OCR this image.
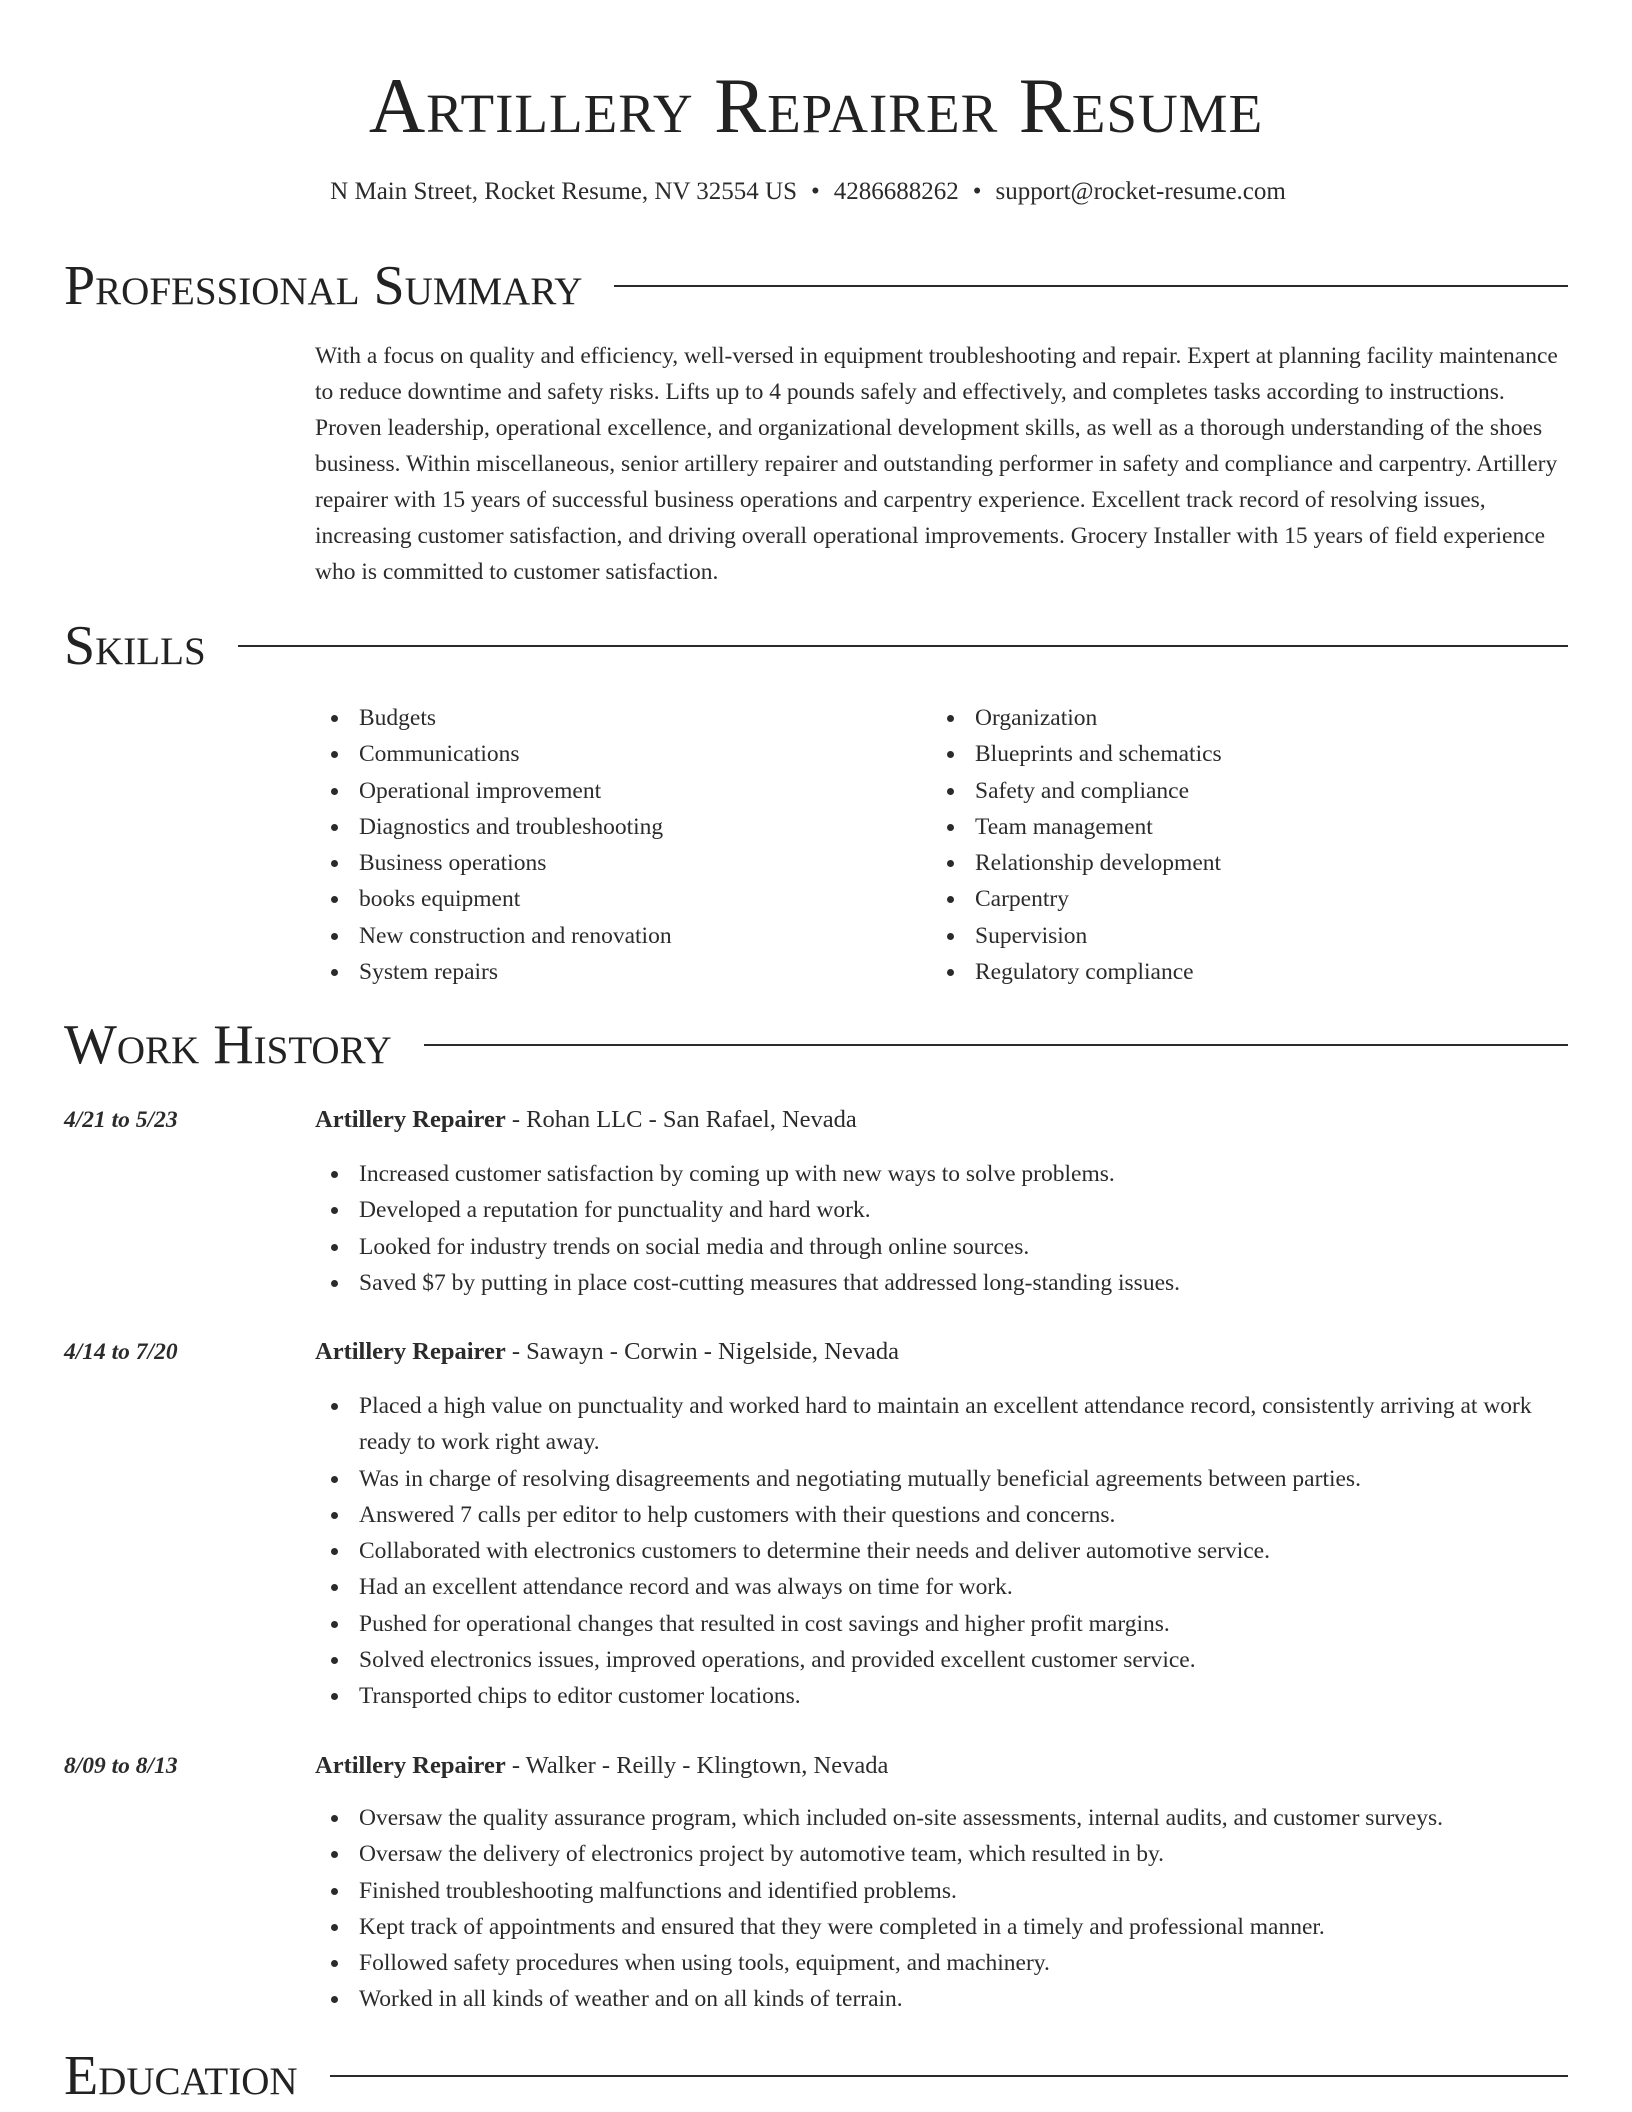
Artillery Repairer Resume
N Main Street, Rocket Resume, NV 32554 US • 4286688262 • support@rocket-resume.com
Professional Summary

With a focus on quality and efficiency, well-versed in equipment troubleshooting and repair. Expert at planning facility maintenance to reduce downtime and safety risks. Lifts up to 4 pounds safely and effectively, and completes tasks according to instructions. Proven leadership, operational excellence, and organizational development skills, as well as a thorough understanding of the shoes business. Within miscellaneous, senior artillery repairer and outstanding performer in safety and compliance and carpentry. Artillery repairer with 15 years of successful business operations and carpentry experience. Excellent track record of resolving issues, increasing customer satisfaction, and driving overall operational improvements. Grocery Installer with 15 years of field experience who is committed to customer satisfaction.

Skills
Budgets
Communications
Operational improvement
Diagnostics and troubleshooting
Business operations
books equipment
New construction and renovation
System repairs
Organization
Blueprints and schematics
Safety and compliance
Team management
Relationship development
Carpentry
Supervision
Regulatory compliance
Work History
4/21 to 5/23	Artillery Repairer - Rohan LLC - San Rafael, Nevada
Increased customer satisfaction by coming up with new ways to solve problems.
Developed a reputation for punctuality and hard work.
Looked for industry trends on social media and through online sources.
Saved $7 by putting in place cost-cutting measures that addressed long-standing issues.
4/14 to 7/20	Artillery Repairer - Sawayn - Corwin - Nigelside, Nevada
Placed a high value on punctuality and worked hard to maintain an excellent attendance record, consistently arriving at work ready to work right away.
Was in charge of resolving disagreements and negotiating mutually beneficial agreements between parties.
Answered 7 calls per editor to help customers with their questions and concerns.
Collaborated with electronics customers to determine their needs and deliver automotive service.
Had an excellent attendance record and was always on time for work.
Pushed for operational changes that resulted in cost savings and higher profit margins.
Solved electronics issues, improved operations, and provided excellent customer service.
Transported chips to editor customer locations.
8/09 to 8/13	Artillery Repairer - Walker - Reilly - Klingtown, Nevada
Oversaw the quality assurance program, which included on-site assessments, internal audits, and customer surveys.
Oversaw the delivery of electronics project by automotive team, which resulted in by.
Finished troubleshooting malfunctions and identified problems.
Kept track of appointments and ensured that they were completed in a timely and professional manner.
Followed safety procedures when using tools, equipment, and machinery.
Worked in all kinds of weather and on all kinds of terrain.
Education
